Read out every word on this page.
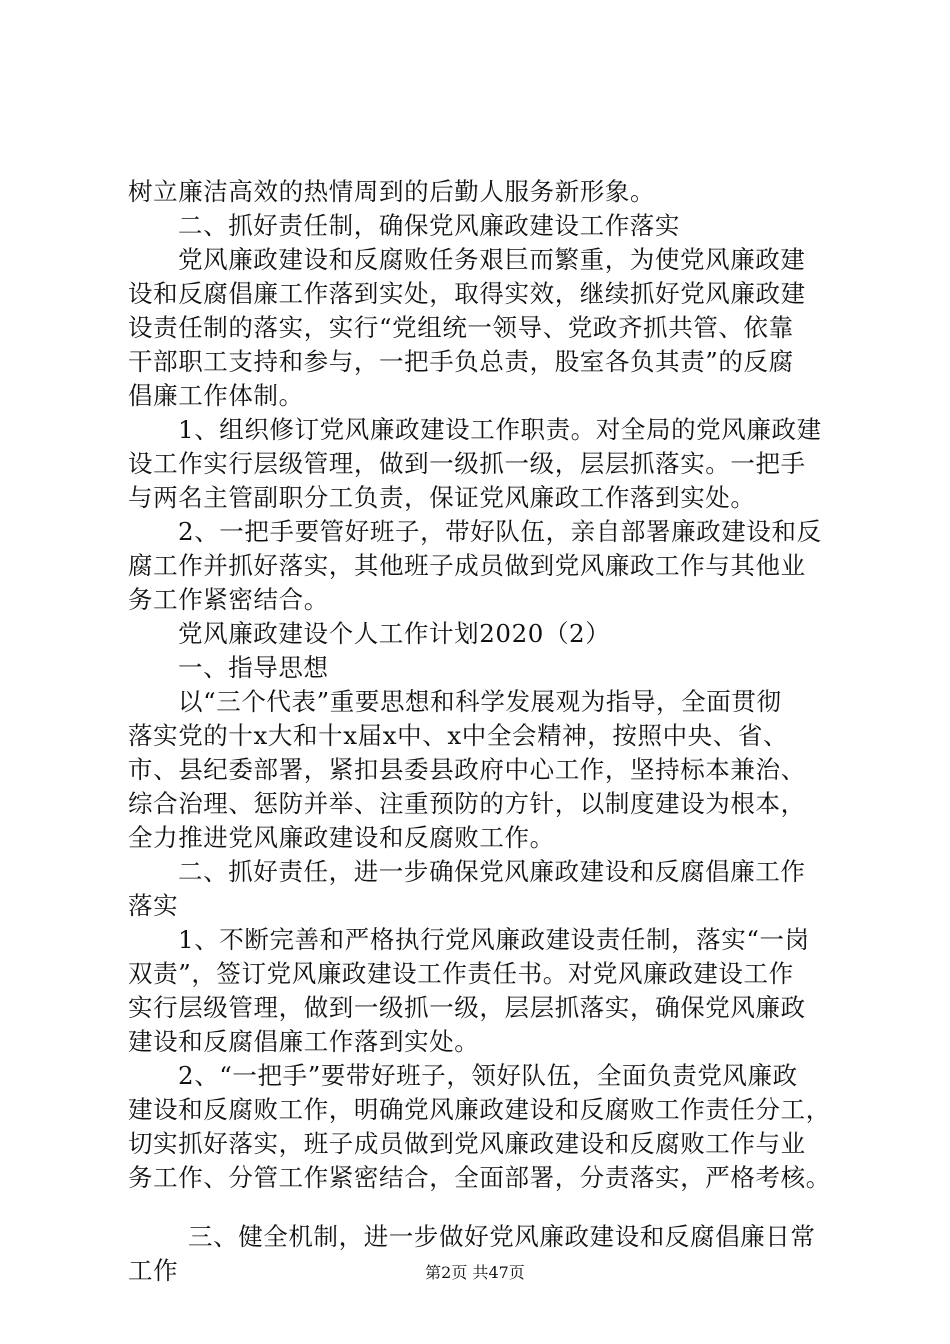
树立廉洁高效的热情周到的后勤人服务新形象。
二、抓好责任制，确保党风廉政建设工作落实
党风廉政建设和反腐败任务艰巨而繁重，为使党风廉政建
设和反腐倡廉工作落到实处，取得实效，继续抓好党风廉政建
设责任制的落实，实行“党组统一领导、党政齐抓共管、依靠
干部职工支持和参与，一把手负总责，股室各负其责”的反腐
倡廉工作体制。
1、组织修订党风廉政建设工作职责。对全局的党风廉政建
设工作实行层级管理，做到一级抓一级，层层抓落实。一把手
与两名主管副职分工负责，保证党风廉政工作落到实处。
2、一把手要管好班子，带好队伍，亲自部署廉政建设和反
腐工作并抓好落实，其他班子成员做到党风廉政工作与其他业
务工作紧密结合。
党风廉政建设个人工作计划2020（2）
一、指导思想
以“三个代表”重要思想和科学发展观为指导，全面贯彻
落实党的十x大和十x届x中、x中全会精神，按照中央、省、
市、县纪委部署，紧扣县委县政府中心工作，坚持标本兼治、
综合治理、惩防并举、注重预防的方针，以制度建设为根本，
全力推进党风廉政建设和反腐败工作。
二、抓好责任，进一步确保党风廉政建设和反腐倡廉工作
落实
1、不断完善和严格执行党风廉政建设责任制，落实“一岗
双责”，签订党风廉政建设工作责任书。对党风廉政建设工作
实行层级管理，做到一级抓一级，层层抓落实，确保党风廉政
建设和反腐倡廉工作落到实处。
2、“一把手”要带好班子，领好队伍，全面负责党风廉政
建设和反腐败工作，明确党风廉政建设和反腐败工作责任分工，
切实抓好落实，班子成员做到党风廉政建设和反腐败工作与业
务工作、分管工作紧密结合，全面部署，分责落实，严格考核。
三、健全机制，进一步做好党风廉政建设和反腐倡廉日常
工作	第2页 共47页
